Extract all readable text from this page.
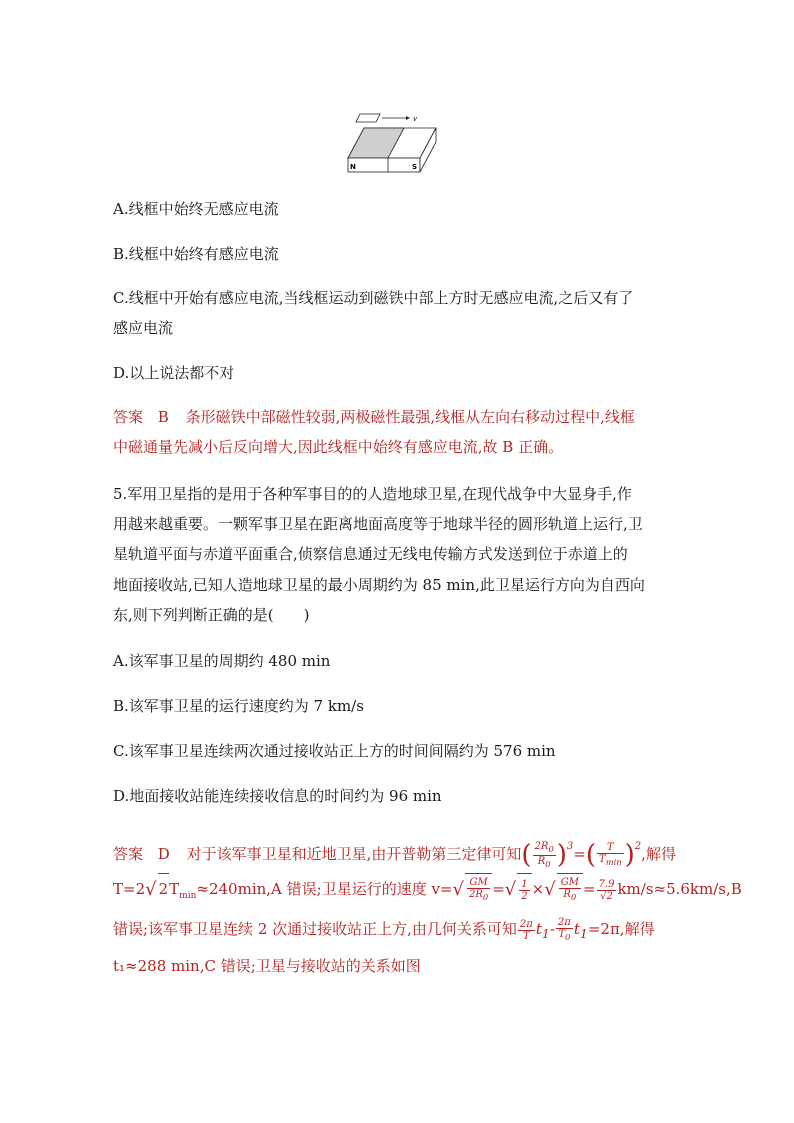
v
N	S
A.线框中始终无感应电流
B.线框中始终有感应电流
C.线框中开始有感应电流,当线框运动到磁铁中部上方时无感应电流,之后又有了
感应电流
D.以上说法都不对
答案 B 条形磁铁中部磁性较弱,两极磁性最强,线框从左向右移动过程中,线框
中磁通量先减小后反向增大,因此线框中始终有感应电流,故 B 正确。
5.军用卫星指的是用于各种军事目的的人造地球卫星,在现代战争中大显身手,作
用越来越重要。一颗军事卫星在距离地面高度等于地球半径的圆形轨道上运行,卫
星轨道平面与赤道平面重合,侦察信息通过无线电传输方式发送到位于赤道上的
地面接收站,已知人造地球卫星的最小周期约为 85 min,此卫星运行方向为自西向
东,则下列判断正确的是(　　)
A.该军事卫星的周期约 480 min
B.该军事卫星的运行速度约为 7 km/s
C.该军事卫星连续两次通过接收站正上方的时间间隔约为 576 min
D.地面接收站能连续接收信息的时间约为 96 min
答案 D 对于该军事卫星和近地卫星,由开普勒第三定律可知( $\frac{2R_0}{R_0} )^3=( \frac{T}{T_{min}} )^2$,解得
T=2√ $2T_{min}\approx 240\min,A$ 错误;卫星运行的速度 $v=√ \frac{GM}{2R_0}$ =√ $\frac{1}{2}$ ×√ $\frac{GM}{R_0} = \frac{7.9}{√2} km/s\approx 5.6km/s,B$
错误;该军事卫星连续 2 次通过接收站正上方,由几何关系可知 $\frac{2\pi}{T} t_1- \frac{2\pi}{T_0} t_1=2\pi$,解得
t₁≈288 min,C 错误;卫星与接收站的关系如图
